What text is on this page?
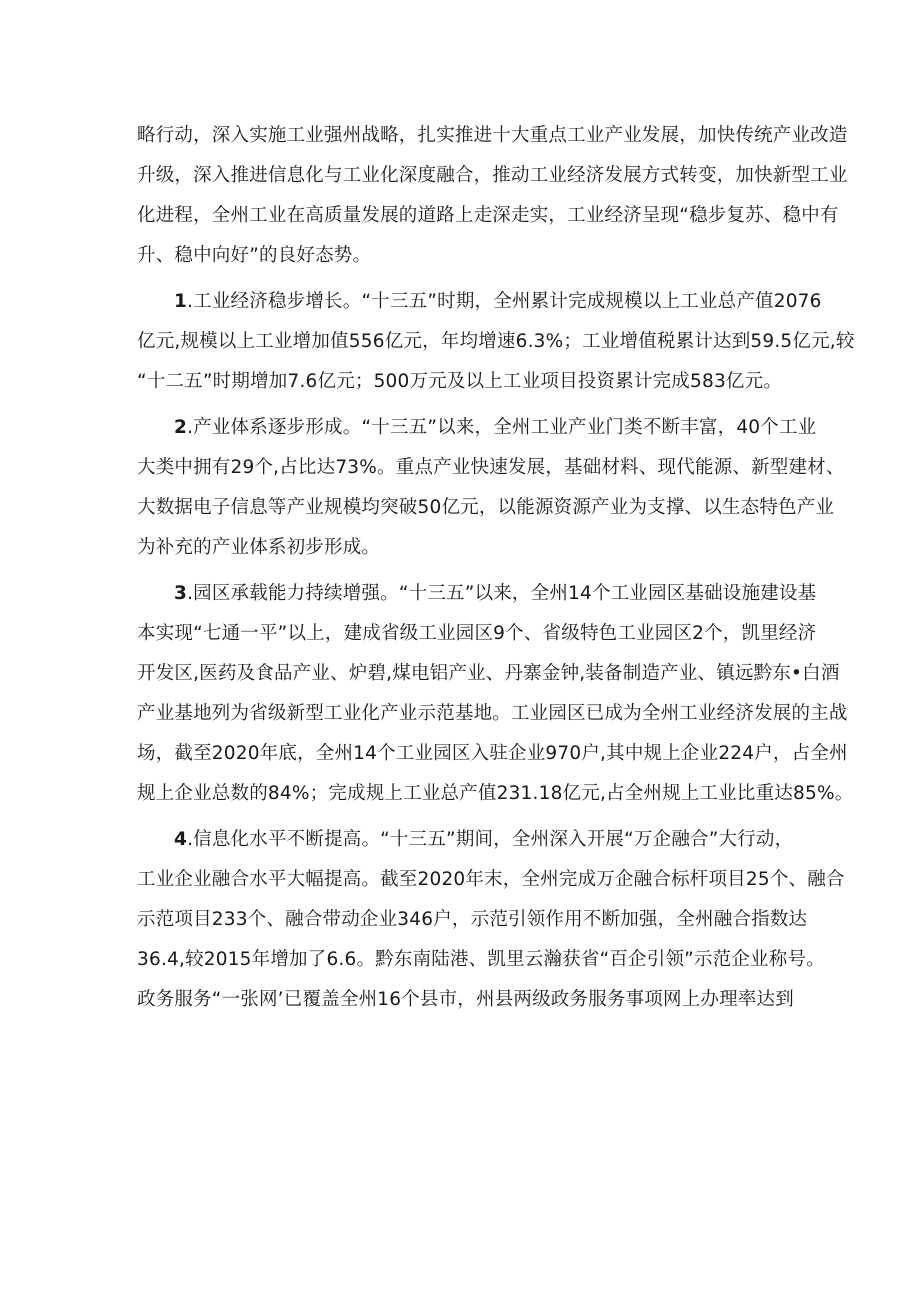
略行动，深入实施工业强州战略，扎实推进十大重点工业产业发展，加快传统产业改造
升级，深入推进信息化与工业化深度融合，推动工业经济发展方式转变，加快新型工业
化进程，全州工业在高质量发展的道路上走深走实，工业经济呈现“稳步复苏、稳中有
升、稳中向好”的良好态势。
1.工业经济稳步增长。“十三五”时期，全州累计完成规模以上工业总产值2076
亿元,规模以上工业增加值556亿元，年均增速6.3%；工业增值税累计达到59.5亿元,较
“十二五”时期增加7.6亿元；500万元及以上工业项目投资累计完成583亿元。
2.产业体系逐步形成。“十三五”以来，全州工业产业门类不断丰富，40个工业
大类中拥有29个,占比达73%。重点产业快速发展，基础材料、现代能源、新型建材、
大数据电子信息等产业规模均突破50亿元，以能源资源产业为支撑、以生态特色产业
为补充的产业体系初步形成。
3.园区承载能力持续增强。“十三五”以来，全州14个工业园区基础设施建设基
本实现“七通一平”以上，建成省级工业园区9个、省级特色工业园区2个，凯里经济
开发区,医药及食品产业、炉碧,煤电铝产业、丹寨金钟,装备制造产业、镇远黔东•白酒
产业基地列为省级新型工业化产业示范基地。工业园区已成为全州工业经济发展的主战
场，截至2020年底，全州14个工业园区入驻企业970户,其中规上企业224户，占全州
规上企业总数的84%；完成规上工业总产值231.18亿元,占全州规上工业比重达85%。
4.信息化水平不断提高。“十三五”期间，全州深入开展“万企融合”大行动，
工业企业融合水平大幅提高。截至2020年末，全州完成万企融合标杆项目25个、融合
示范项目233个、融合带动企业346户，示范引领作用不断加强，全州融合指数达
36.4,较2015年增加了6.6。黔东南陆港、凯里云瀚获省“百企引领”示范企业称号。
政务服务“一张网’已覆盖全州16个县市，州县两级政务服务事项网上办理率达到
